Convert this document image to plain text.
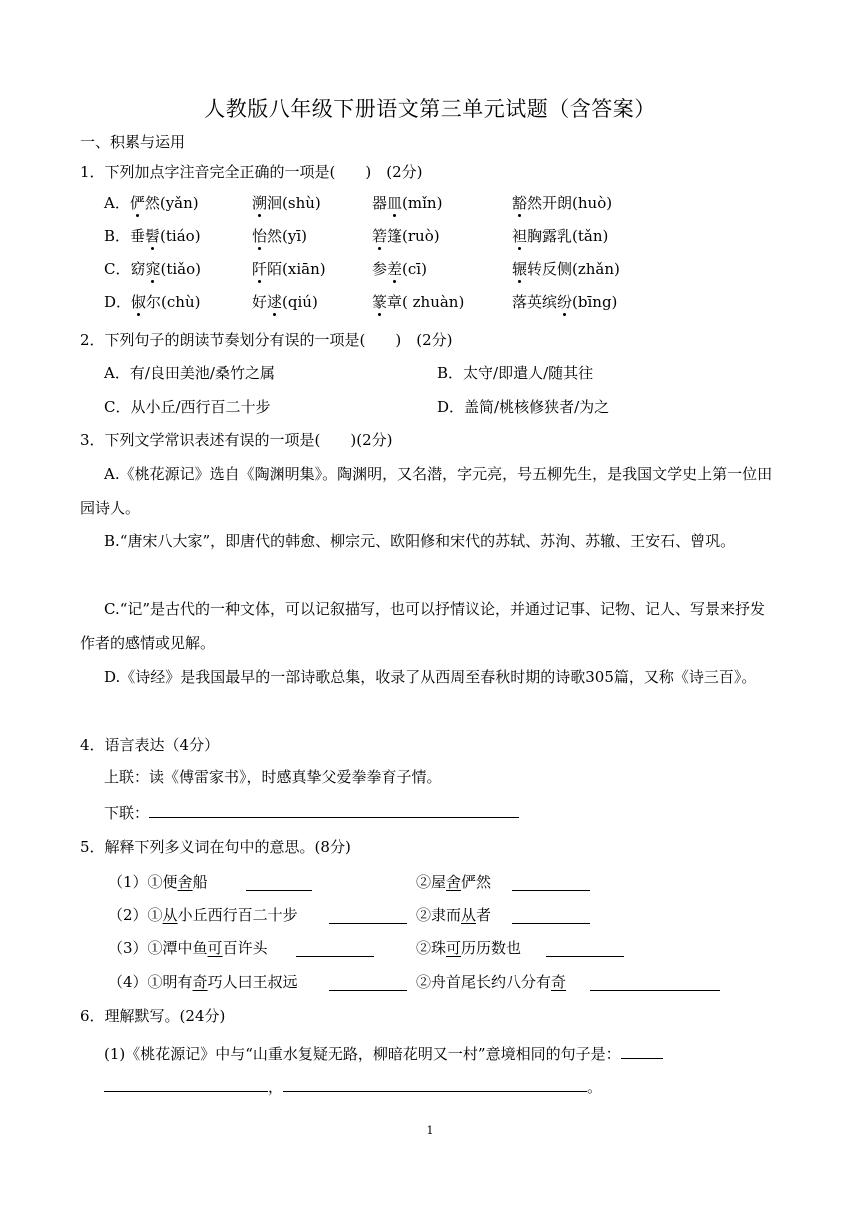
人教版八年级下册语文第三单元试题（含答案）
一、积累与运用
1．下列加点字注音完全正确的一项是(　　)　(2分)
A．俨然(yǎn)	溯洄(shù)	器皿(mǐn)	豁然开朗(huò)
B．垂髫(tiáo)	怡然(yī)	箬篷(ruò)	袒胸露乳(tǎn)
C．窈窕(tiǎo)	阡陌(xiān)	参差(cī)	辗转反侧(zhǎn)
D．俶尔(chù)	好逑(qiú)	篆章( zhuàn)	落英缤纷(bīng)
2．下列句子的朗读节奏划分有误的一项是(　　)　(2分)
A．有/良田美池/桑竹之属	B．太守/即遣人/随其往
C．从小丘/西行百二十步	D．盖简/桃核修狭者/为之
3．下列文学常识表述有误的一项是(　　)(2分)
A.《桃花源记》选自《陶渊明集》。陶渊明，又名潜，字元亮，号五柳先生，是我国文学史上第一位田园诗人。
B.“唐宋八大家”，即唐代的韩愈、柳宗元、欧阳修和宋代的苏轼、苏洵、苏辙、王安石、曾巩。
C.“记”是古代的一种文体，可以记叙描写，也可以抒情议论，并通过记事、记物、记人、写景来抒发作者的感情或见解。
D.《诗经》是我国最早的一部诗歌总集，收录了从西周至春秋时期的诗歌305篇，又称《诗三百》。
4．语言表达（4分）
上联：读《傅雷家书》，时感真挚父爱拳拳育子情。
下联：
5．解释下列多义词在句中的意思。(8分)
（1）①便舍船	②屋舍俨然
（2）①从小丘西行百二十步	②隶而从者
（3）①潭中鱼可百许头	②珠可历历数也
（4）①明有奇巧人曰王叔远	②舟首尾长约八分有奇
6．理解默写。(24分)
(1)《桃花源记》中与“山重水复疑无路，柳暗花明又一村”意境相同的句子是：
，	。
1
